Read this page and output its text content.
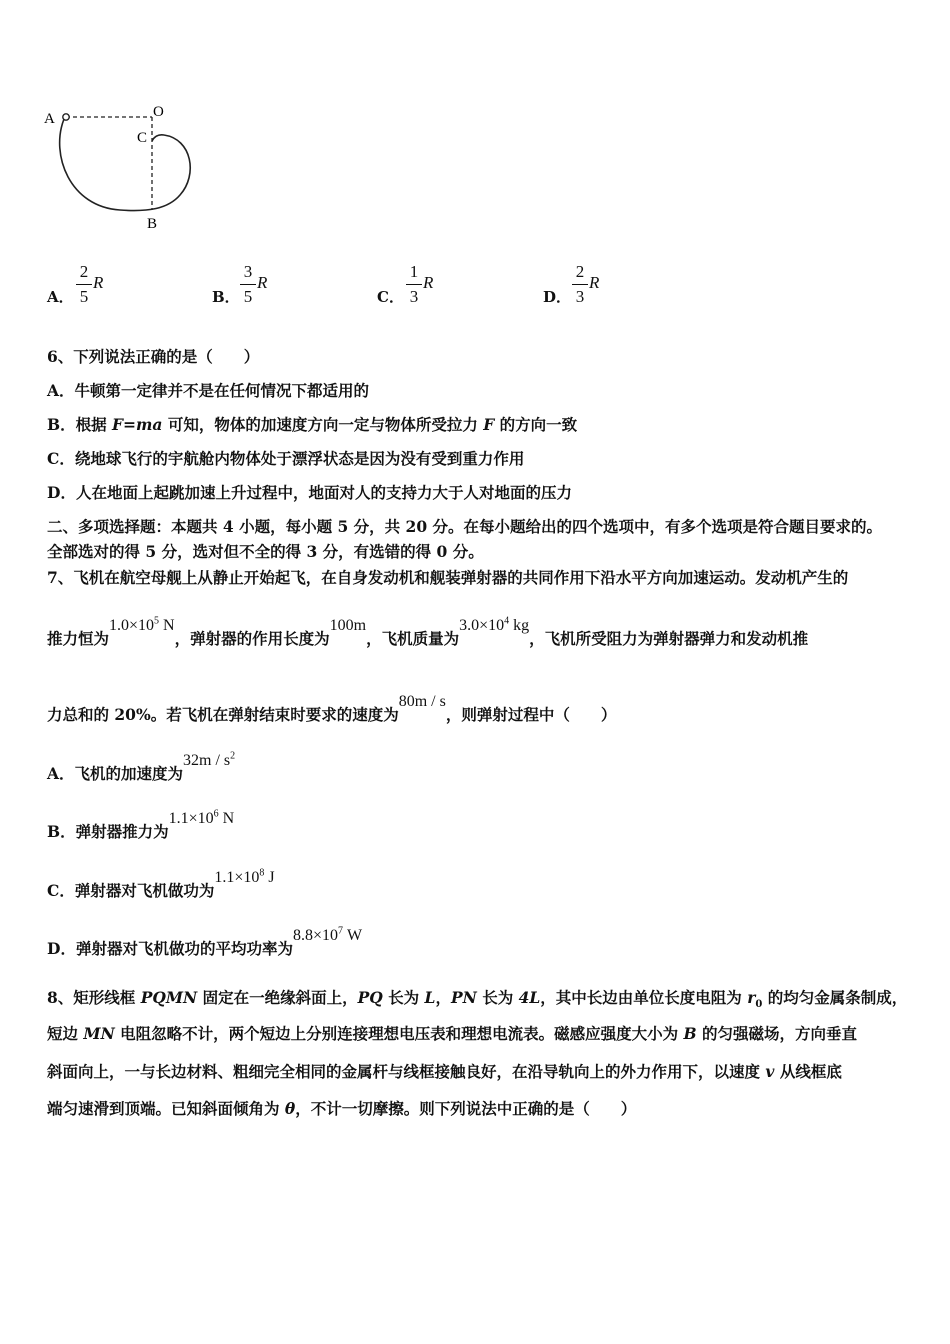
A	O
C
B
A．
2
5
R
B．
3
5
R
C．
1
3
R
D．
2
3
R
6、下列说法正确的是（　　）
A．牛顿第一定律并不是在任何情况下都适用的
B．根据 F=ma 可知，物体的加速度方向一定与物体所受拉力 F 的方向一致
C．绕地球飞行的宇航舱内物体处于漂浮状态是因为没有受到重力作用
D．人在地面上起跳加速上升过程中，地面对人的支持力大于人对地面的压力
二、多项选择题：本题共 4 小题，每小题 5 分，共 20 分。在每小题给出的四个选项中，有多个选项是符合题目要求的。
全部选对的得 5 分，选对但不全的得 3 分，有选错的得 0 分。
7、飞机在航空母舰上从静止开始起飞，在自身发动机和舰装弹射器的共同作用下沿水平方向加速运动。发动机产生的
推力恒为$1.0\times 10^5$ N，弹射器的作用长度为100m，飞机质量为$3.0\times 10^4$ kg，飞机所受阻力为弹射器弹力和发动机推
力总和的 20%。若飞机在弹射结束时要求的速度为80m / s，则弹射过程中（　　）
A．飞机的加速度为$32m / s^2$
B．弹射器推力为$1.1\times 10^6$ N
C．弹射器对飞机做功为$1.1\times 10^8$ J
D．弹射器对飞机做功的平均功率为$8.8\times 10^7$ W
8、矩形线框 PQMN 固定在一绝缘斜面上，PQ 长为 L，PN 长为 4L，其中长边由单位长度电阻为 $r_0$ 的均匀金属条制成，
短边 MN 电阻忽略不计，两个短边上分别连接理想电压表和理想电流表。磁感应强度大小为 B 的匀强磁场，方向垂直
斜面向上，一与长边材料、粗细完全相同的金属杆与线框接触良好，在沿导轨向上的外力作用下，以速度 v 从线框底
端匀速滑到顶端。已知斜面倾角为 θ，不计一切摩擦。则下列说法中正确的是（　　）
